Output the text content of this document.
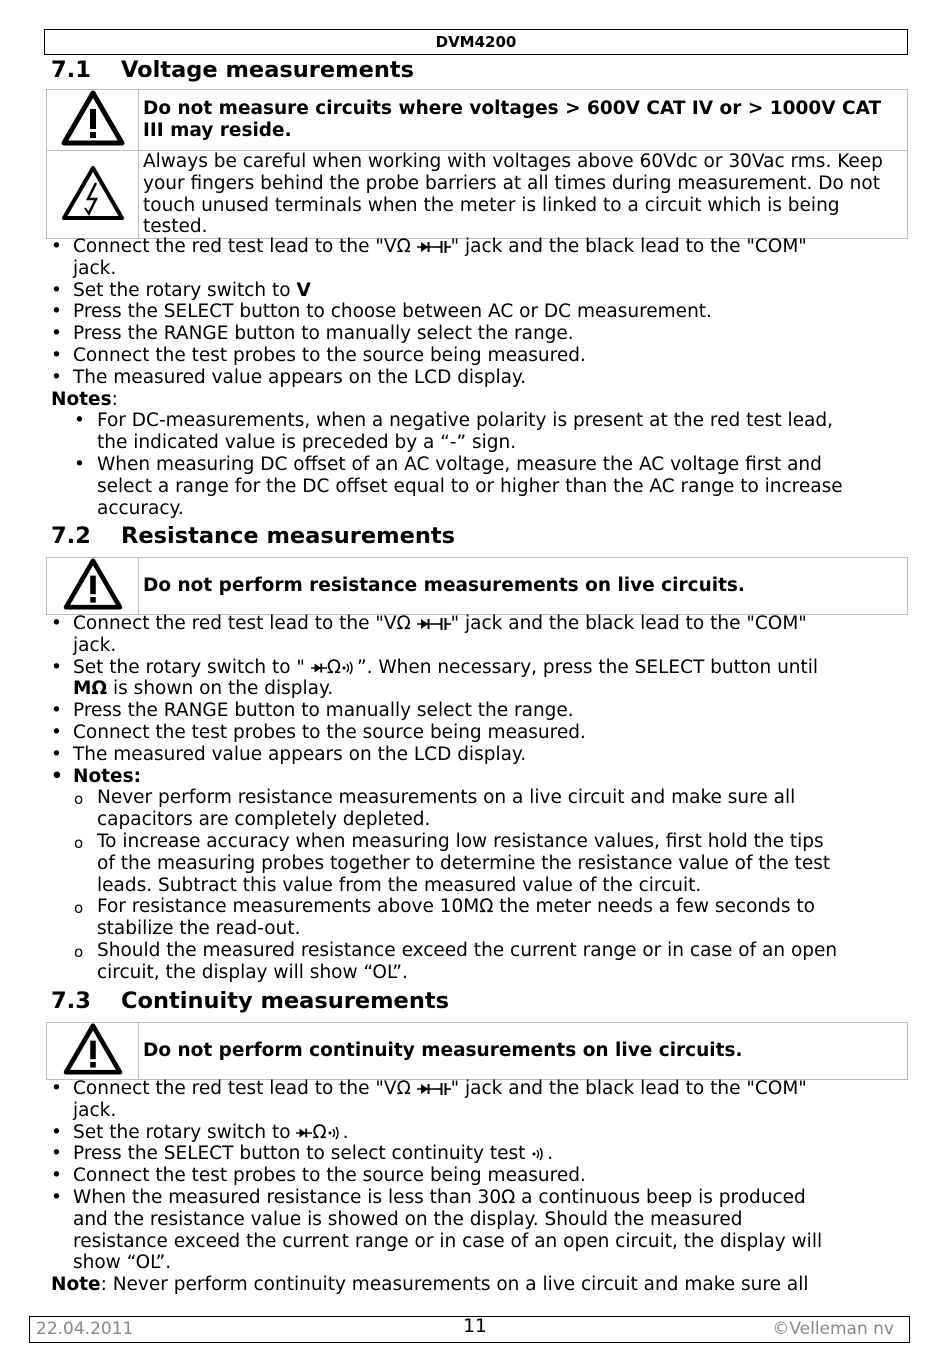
DVM4200
7.1 Voltage measurements
	Do not measure circuits where voltages > 600V CAT IV or > 1000V CAT III may reside.
	Always be careful when working with voltages above 60Vdc or 30Vac rms. Keep your fingers behind the probe barriers at all times during measurement. Do not touch unused terminals when the meter is linked to a circuit which is being tested.
• Connect the red test lead to the "VΩ " jack and the black lead to the "COM"
jack.
• Set the rotary switch to V
• Press the SELECT button to choose between AC or DC measurement.
• Press the RANGE button to manually select the range.
• Connect the test probes to the source being measured.
• The measured value appears on the LCD display.
Notes:
• For DC-measurements, when a negative polarity is present at the red test lead,
the indicated value is preceded by a “-” sign.
• When measuring DC offset of an AC voltage, measure the AC voltage first and
select a range for the DC offset equal to or higher than the AC range to increase
accuracy.
7.2 Resistance measurements
	Do not perform resistance measurements on live circuits.
• Connect the red test lead to the "VΩ " jack and the black lead to the "COM"
jack.
• Set the rotary switch to " Ω ”. When necessary, press the SELECT button until
MΩ is shown on the display.
• Press the RANGE button to manually select the range.
• Connect the test probes to the source being measured.
• The measured value appears on the LCD display.
• Notes:
o Never perform resistance measurements on a live circuit and make sure all
capacitors are completely depleted.
o To increase accuracy when measuring low resistance values, first hold the tips
of the measuring probes together to determine the resistance value of the test
leads. Subtract this value from the measured value of the circuit.
o For resistance measurements above 10MΩ the meter needs a few seconds to
stabilize the read-out.
o Should the measured resistance exceed the current range or in case of an open
circuit, the display will show “OL”.
7.3 Continuity measurements
	Do not perform continuity measurements on live circuits.
• Connect the red test lead to the "VΩ " jack and the black lead to the "COM"
jack.
• Set the rotary switch to Ω .
• Press the SELECT button to select continuity test .
• Connect the test probes to the source being measured.
• When the measured resistance is less than 30Ω a continuous beep is produced
and the resistance value is showed on the display. Should the measured
resistance exceed the current range or in case of an open circuit, the display will
show “OL”.
Note: Never perform continuity measurements on a live circuit and make sure all
22.04.2011	11	©Velleman nv
